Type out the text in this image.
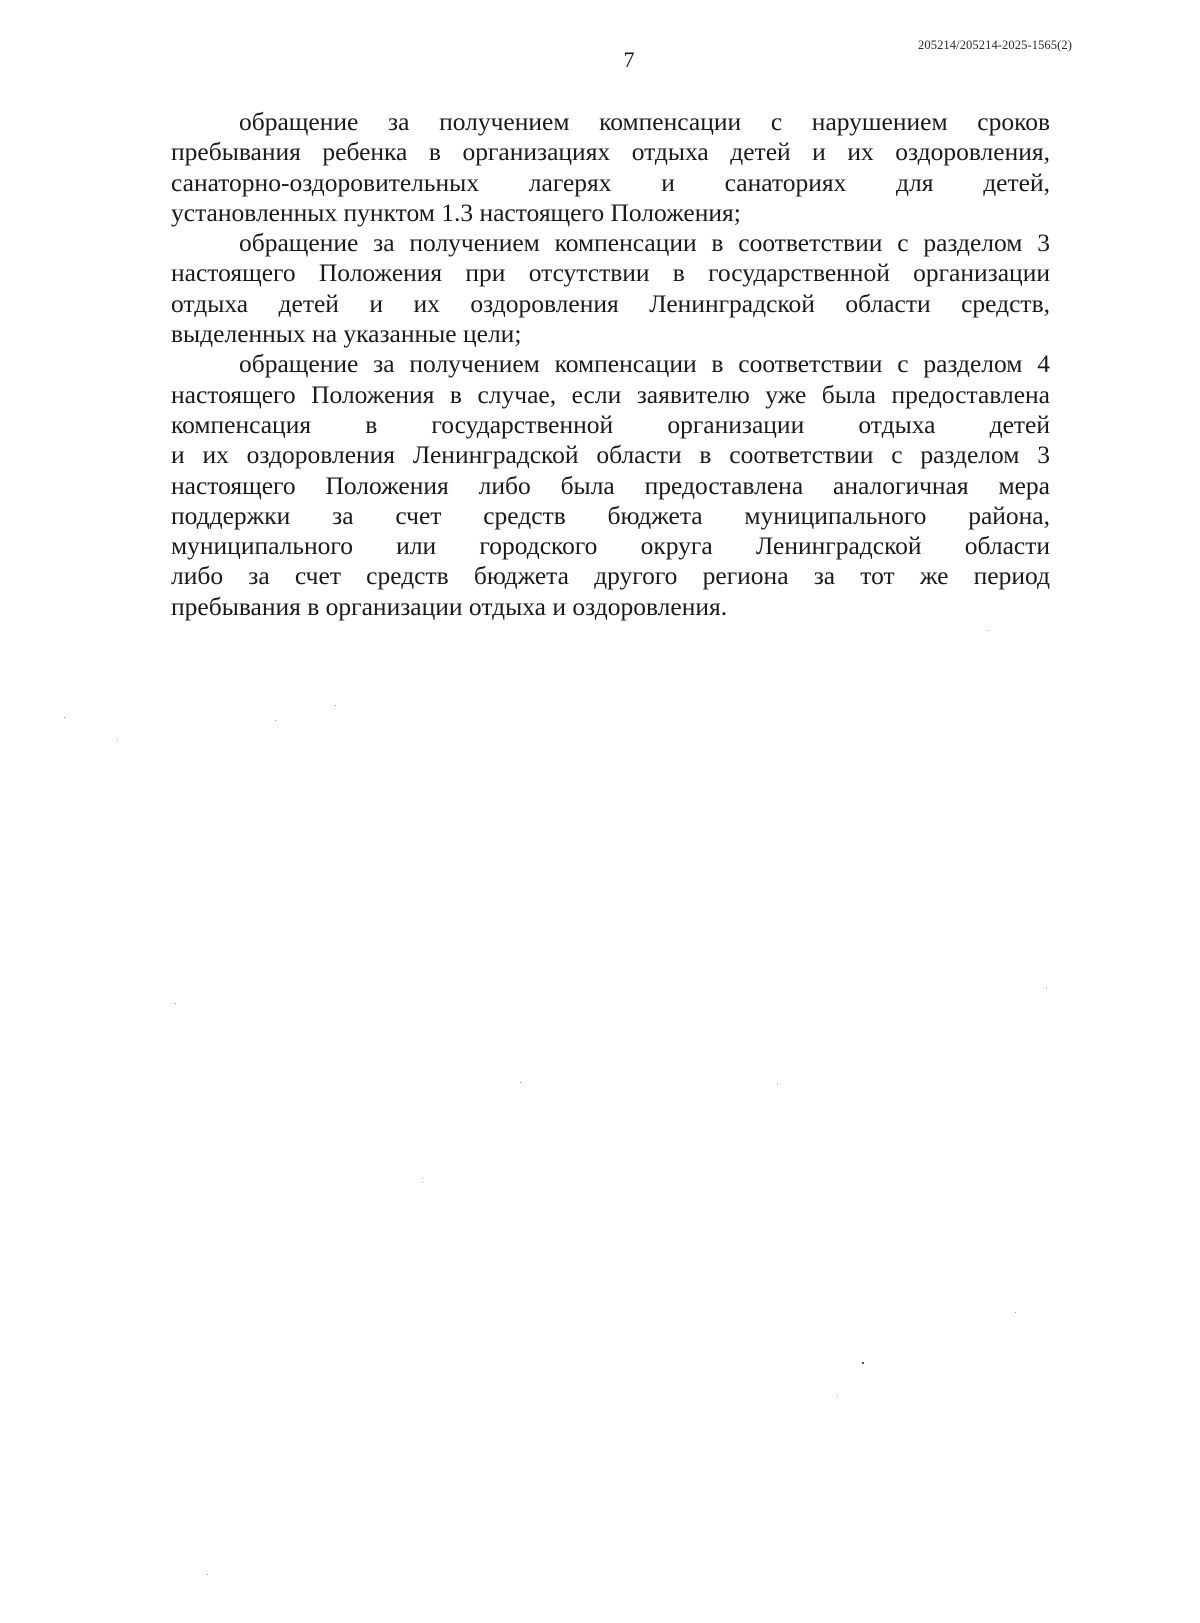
205214/205214-2025-1565(2)
7
обращение за получением компенсации с нарушением сроков
пребывания ребенка в организациях отдыха детей и их оздоровления,
санаторно-оздоровительных лагерях и санаториях для детей,
установленных пунктом 1.3 настоящего Положения;
обращение за получением компенсации в соответствии с разделом 3
настоящего Положения при отсутствии в государственной организации
отдыха детей и их оздоровления Ленинградской области средств,
выделенных на указанные цели;
обращение за получением компенсации в соответствии с разделом 4
настоящего Положения в случае, если заявителю уже была предоставлена
компенсация в государственной организации отдыха детей
и их оздоровления Ленинградской области в соответствии с разделом 3
настоящего Положения либо была предоставлена аналогичная мера
поддержки за счет средств бюджета муниципального района,
муниципального или городского округа Ленинградской области
либо за счет средств бюджета другого региона за тот же период
пребывания в организации отдыха и оздоровления.
